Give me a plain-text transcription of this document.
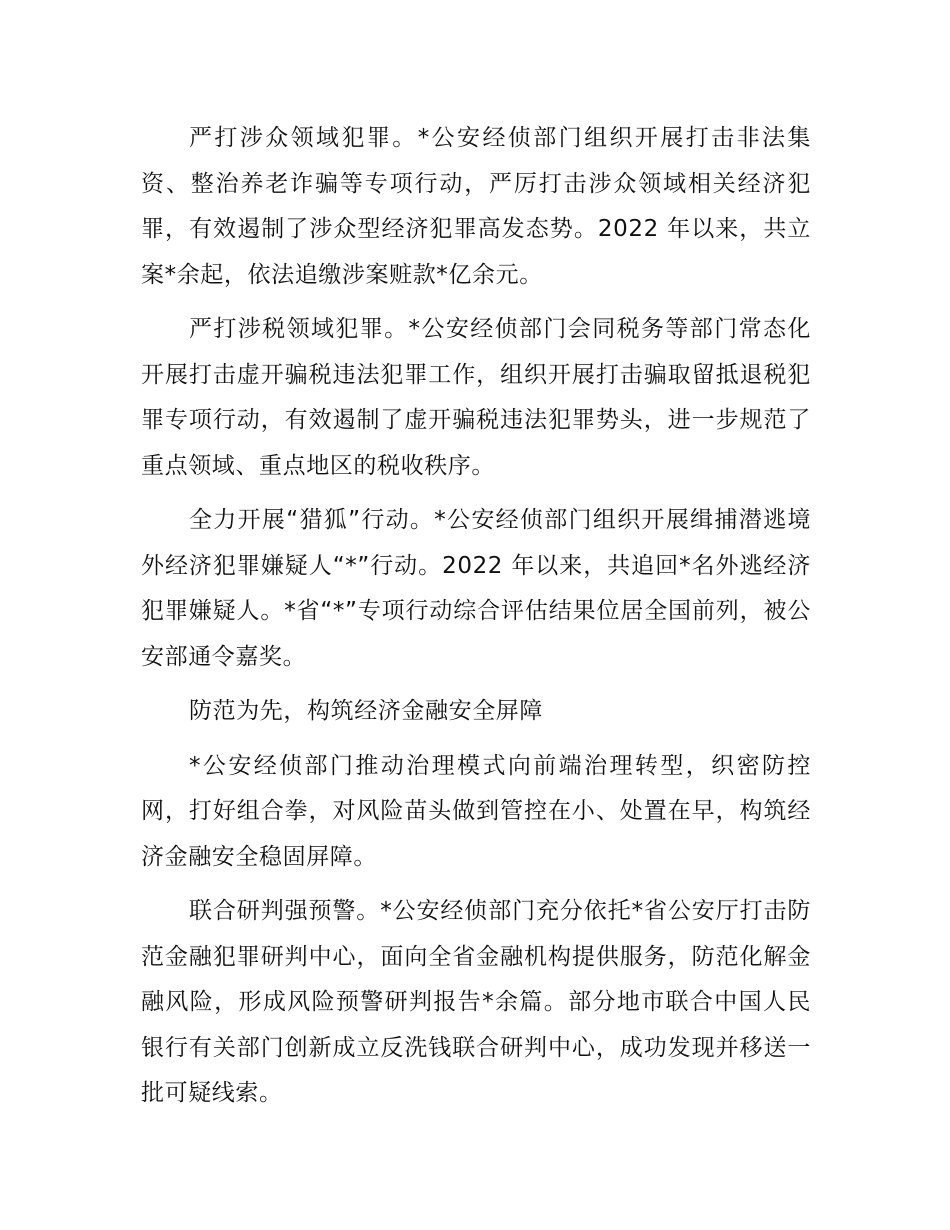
严打涉众领域犯罪。*公安经侦部门组织开展打击非法集资、整治养老诈骗等专项行动，严厉打击涉众领域相关经济犯罪，有效遏制了涉众型经济犯罪高发态势。2022 年以来，共立案*余起，依法追缴涉案赃款*亿余元。

严打涉税领域犯罪。*公安经侦部门会同税务等部门常态化开展打击虚开骗税违法犯罪工作，组织开展打击骗取留抵退税犯罪专项行动，有效遏制了虚开骗税违法犯罪势头，进一步规范了重点领域、重点地区的税收秩序。

全力开展“猎狐”行动。*公安经侦部门组织开展缉捕潜逃境外经济犯罪嫌疑人“*”行动。2022 年以来，共追回*名外逃经济犯罪嫌疑人。*省“*”专项行动综合评估结果位居全国前列，被公安部通令嘉奖。

防范为先，构筑经济金融安全屏障

*公安经侦部门推动治理模式向前端治理转型，织密防控网，打好组合拳，对风险苗头做到管控在小、处置在早，构筑经济金融安全稳固屏障。

联合研判强预警。*公安经侦部门充分依托*省公安厅打击防范金融犯罪研判中心，面向全省金融机构提供服务，防范化解金融风险，形成风险预警研判报告*余篇。部分地市联合中国人民银行有关部门创新成立反洗钱联合研判中心，成功发现并移送一批可疑线索。
